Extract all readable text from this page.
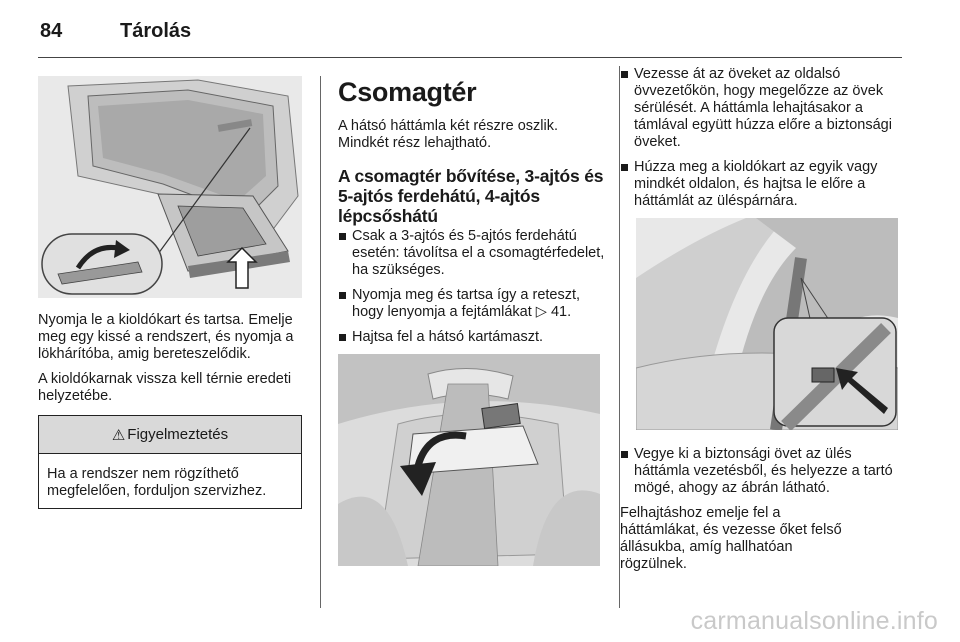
84	Tárolás

Nyomja le a kioldókart és tartsa. Emelje meg egy kissé a rendszert, és nyomja a lökhárítóba, amig bereteszelődik.

A kioldókarnak vissza kell térnie eredeti helyzetébe.

⚠ Figyelmeztetés
Ha a rendszer nem rögzíthető megfelelően, forduljon szervizhez.
Csomagtér

A hátsó háttámla két részre oszlik. Mindkét rész lehajtható.

A csomagtér bővítése, 3-ajtós és 5-ajtós ferdehátú, 4-ajtós lépcsőshátú
Csak a 3-ajtós és 5-ajtós ferdehátú esetén: távolítsa el a csomagtérfedelet, ha szükséges.
Nyomja meg és tartsa így a reteszt, hogy lenyomja a fejtámlákat ▷ 41.
Hajtsa fel a hátsó kartámaszt.
Vezesse át az öveket az oldalsó övvezetőkön, hogy megelőzze az övek sérülését. A háttámla lehajtásakor a támlával együtt húzza előre a biztonsági öveket.
Húzza meg a kioldókart az egyik vagy mindkét oldalon, és hajtsa le előre a háttámlát az üléspárnára.
Vegye ki a biztonsági övet az ülés háttámla vezetésből, és helyezze a tartó mögé, ahogy az ábrán látható.

Felhajtáshoz emelje fel a háttámlákat, és vezesse őket felső állásukba, amíg hallhatóan rögzülnek.

carmanualsonline.info
